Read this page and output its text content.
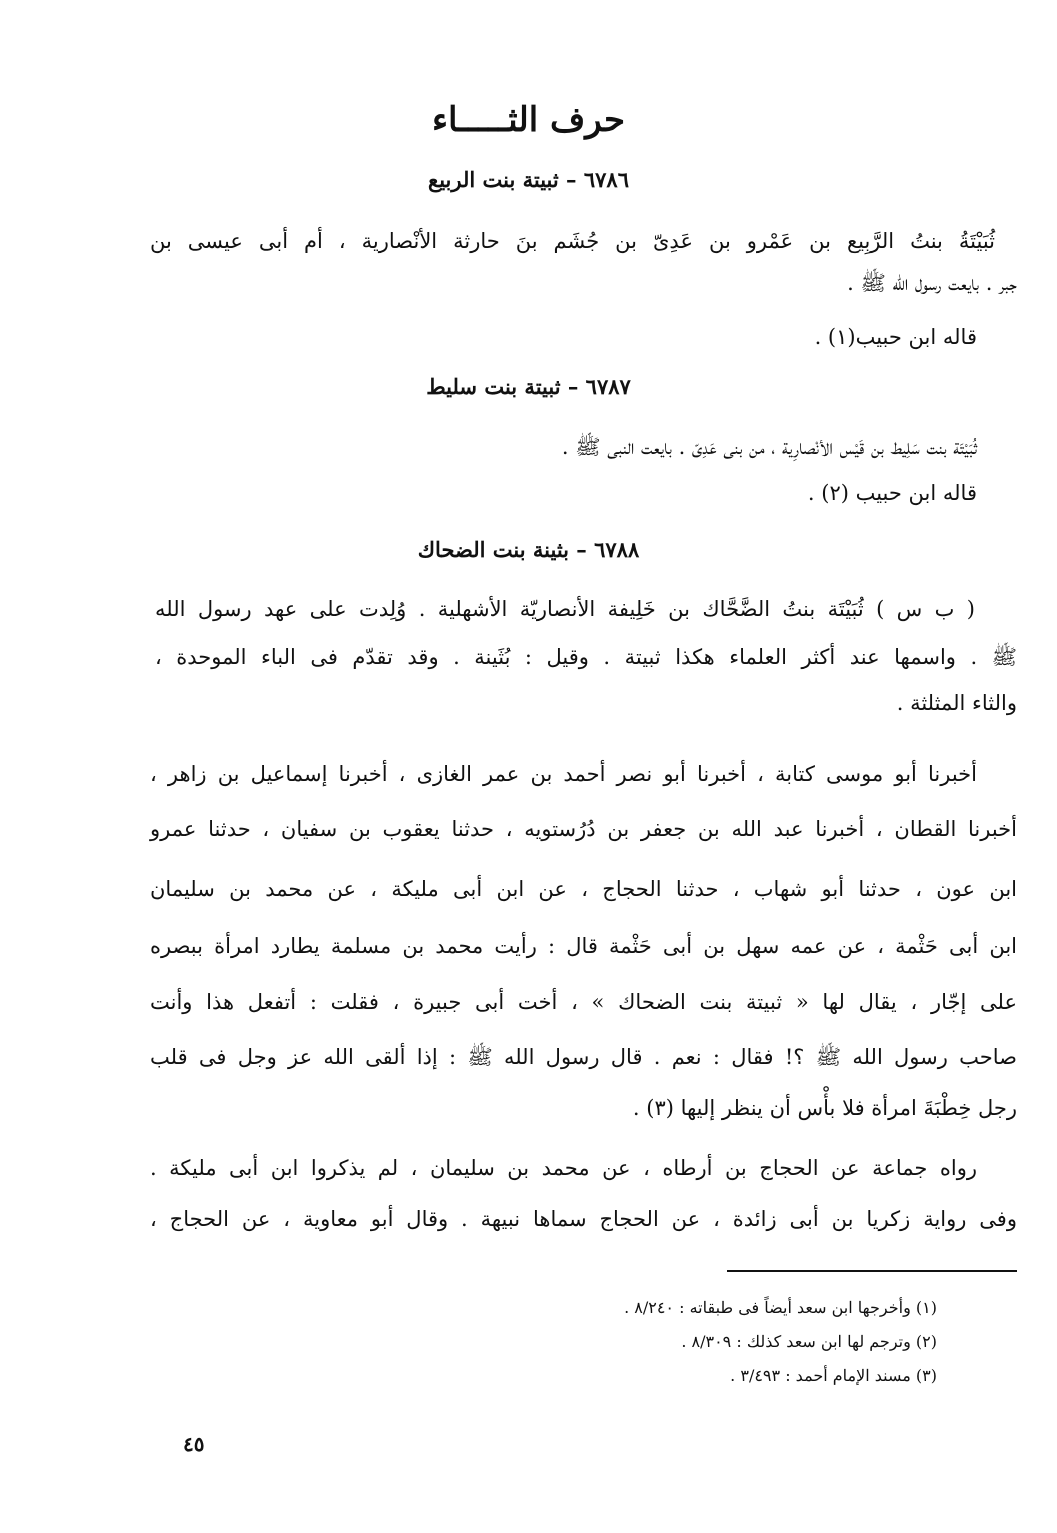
حرف الثـــــاء
٦٧٨٦ – ثبيتة بنت الربيع
ثُبَيْتَةُ بنتُ الرَّبِيع بن عَمْرو بن عَدِىّ بن جُشَم بنَ حارثة الأنْصارية ، أم أبى عيسى بن
جبر . بايعت رسول الله ﷺ .
قاله ابن حبيب(١) .
٦٧٨٧ – ثبيتة بنت سليط
ثُبَيْتَة بنت سَلِيط بن قَيْس الأنْصارِية ، من بنى عَدِىّ . بايعت النبى ﷺ .
قاله ابن حبيب (٢) .
٦٧٨٨ – بثينة بنت الضحاك
( ب س ) ثُبَيْتَة بنتُ الضَّحَّاك بن خَلِيفة الأنصاريّة الأشهلية . وُلِدت على عهد رسول الله
ﷺ . واسمها عند أكثر العلماء هكذا ثبيتة . وقيل : بُثَينة . وقد تقدّم فى الباء الموحدة ،
والثاء المثلثة .
أخبرنا أبو موسى كتابة ، أخبرنا أبو نصر أحمد بن عمر الغازى ، أخبرنا إسماعيل بن زاهر ،
أخبرنا القطان ، أخبرنا عبد الله بن جعفر بن دُرُستويه ، حدثنا يعقوب بن سفيان ، حدثنا عمرو
ابن عون ، حدثنا أبو شهاب ، حدثنا الحجاج ، عن ابن أبى مليكة ، عن محمد بن سليمان
ابن أبى حَثْمة ، عن عمه سهل بن أبى حَثْمة قال : رأيت محمد بن مسلمة يطارد امرأة ببصره
على إجّار ، يقال لها « ثبيتة بنت الضحاك » ، أخت أبى جبيرة ، فقلت : أتفعل هذا وأنت
صاحب رسول الله ﷺ ؟! فقال : نعم . قال رسول الله ﷺ : إذا ألقى الله عز وجل فى قلب
رجل خِطْبَةَ امرأة فلا بأْس أن ينظر إليها (٣) .
رواه جماعة عن الحجاج بن أرطاه ، عن محمد بن سليمان ، لم يذكروا ابن أبى مليكة .
وفى رواية زكريا بن أبى زائدة ، عن الحجاج سماها نبيهة . وقال أبو معاوية ، عن الحجاج ،
(١) وأخرجها ابن سعد أيضاً فى طبقاته : ٨/٢٤٠ .
(٢) وترجم لها ابن سعد كذلك : ٨/٣٠٩ .
(٣) مسند الإمام أحمد : ٣/٤٩٣ .
٤٥
